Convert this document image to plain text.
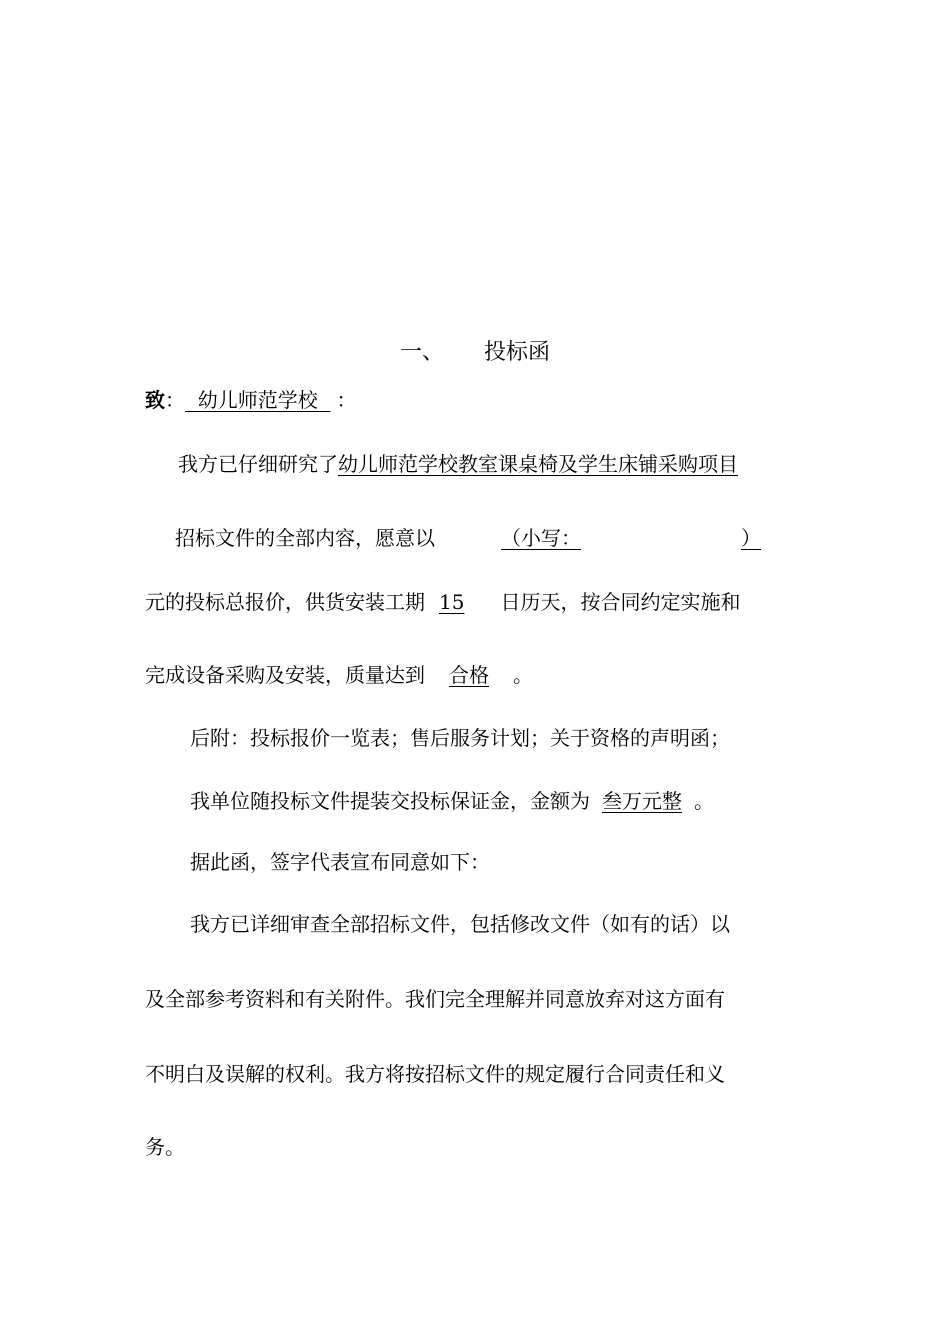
一、 投标函
致：  幼儿师范学校  ：
我方已仔细研究了幼儿师范学校教室课桌椅及学生床铺采购项目
招标文件的全部内容，愿意以	（小写：	）
元的投标总报价，供货安装工期 15 日历天，按合同约定实施和
完成设备采购及安装，质量达到 合格 。
后附：投标报价一览表；售后服务计划；关于资格的声明函；
我单位随投标文件提装交投标保证金，金额为 叁万元整 。
据此函，签字代表宣布同意如下：
我方已详细审查全部招标文件，包括修改文件（如有的话）以
及全部参考资料和有关附件。我们完全理解并同意放弃对这方面有
不明白及误解的权利。我方将按招标文件的规定履行合同责任和义
务。
